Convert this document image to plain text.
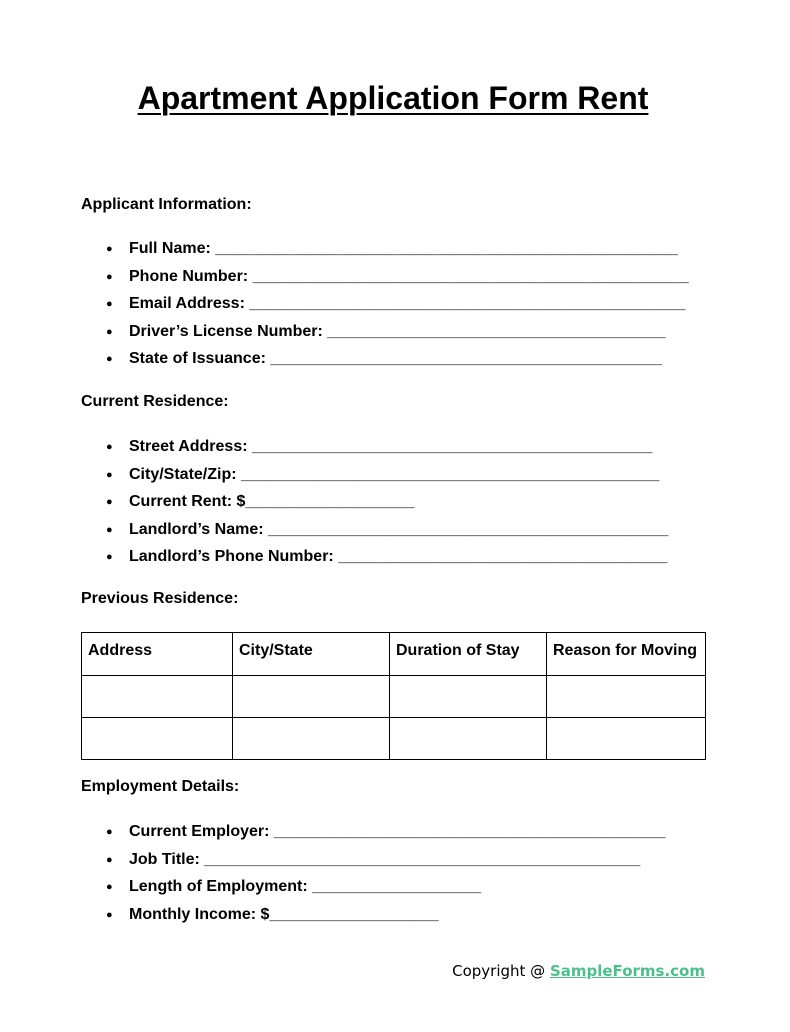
Apartment Application Form Rent

Applicant Information:

● Full Name: ____________________________________________________
● Phone Number: _________________________________________________
● Email Address: _________________________________________________
● Driver’s License Number: ______________________________________
● State of Issuance: ____________________________________________

Current Residence:

● Street Address: _____________________________________________
● City/State/Zip: _______________________________________________
● Current Rent: $___________________
● Landlord’s Name: _____________________________________________
● Landlord’s Phone Number: _____________________________________

Previous Residence:

Address	City/State	Duration of Stay	Reason for Moving

Employment Details:

● Current Employer: ____________________________________________
● Job Title: _________________________________________________
● Length of Employment: ___________________
● Monthly Income: $___________________
Copyright @ SampleForms.com
